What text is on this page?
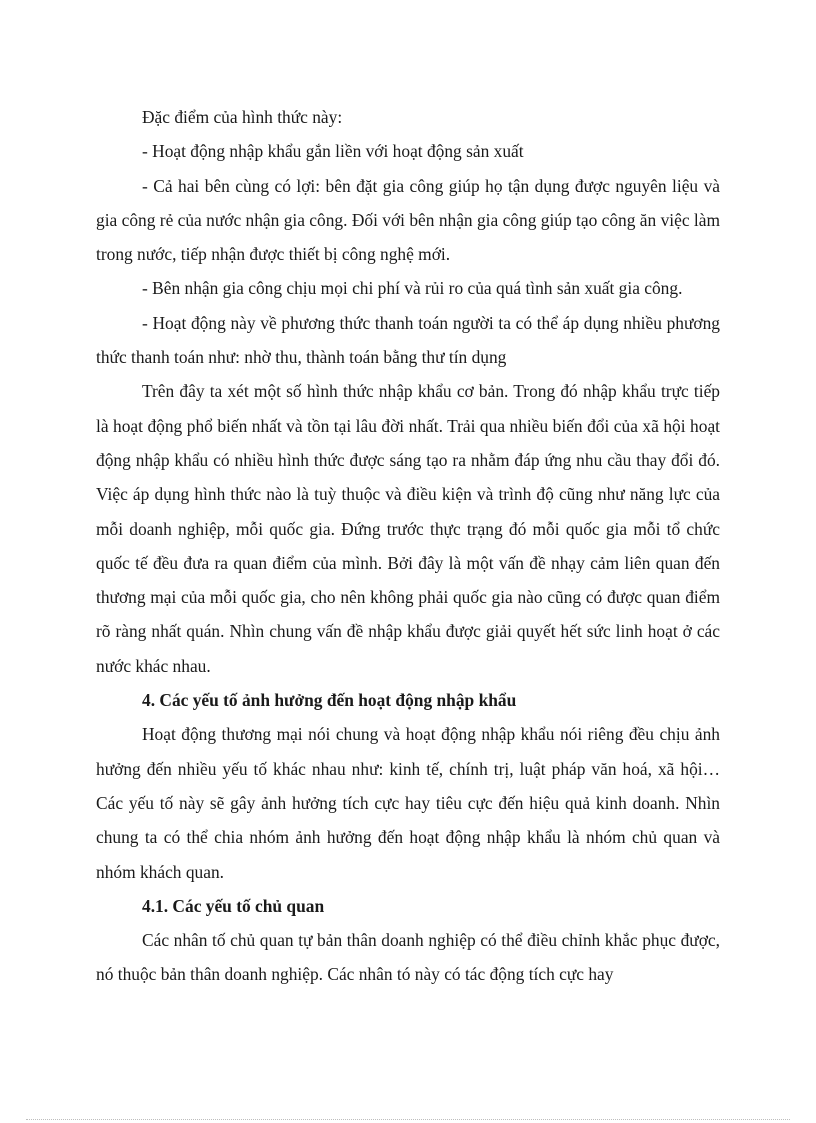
Đặc điểm của hình thức này:

- Hoạt động nhập khẩu gắn liền với hoạt động sản xuất

- Cả hai bên cùng có lợi: bên đặt gia công giúp họ tận dụng được nguyên liệu và gia công rẻ của nước nhận gia công. Đối với bên nhận gia công giúp tạo công ăn việc làm trong nước, tiếp nhận được thiết bị công nghệ mới.

- Bên nhận gia công chịu mọi chi phí và rủi ro của quá tình sản xuất gia công.

- Hoạt động này về phương thức thanh toán người ta có thể áp dụng nhiều phương thức thanh toán như: nhờ thu, thành toán bằng thư tín dụng

Trên đây ta xét một số hình thức nhập khẩu cơ bản. Trong đó nhập khẩu trực tiếp là hoạt động phổ biến nhất và tồn tại lâu đời nhất. Trải qua nhiều biến đổi của xã hội hoạt động nhập khẩu có nhiều hình thức được sáng tạo ra nhằm đáp ứng nhu cầu thay đổi đó. Việc áp dụng hình thức nào là tuỳ thuộc và điều kiện và trình độ cũng như năng lực của mỗi doanh nghiệp, mỗi quốc gia. Đứng trước thực trạng đó mỗi quốc gia mỗi tổ chức quốc tế đều đưa ra quan điểm của mình. Bởi đây là một vấn đề nhạy cảm liên quan đến thương mại của mỗi quốc gia, cho nên không phải quốc gia nào cũng có được quan điểm rõ ràng nhất quán. Nhìn chung vấn đề nhập khẩu được giải quyết hết sức linh hoạt ở các nước khác nhau.

4. Các yếu tố ảnh hưởng đến hoạt động nhập khẩu

Hoạt động thương mại nói chung và hoạt động nhập khẩu nói riêng đều chịu ảnh hưởng đến nhiều yếu tố khác nhau như: kinh tế, chính trị, luật pháp văn hoá, xã hội… Các yếu tố này sẽ gây ảnh hưởng tích cực hay tiêu cực đến hiệu quả kinh doanh. Nhìn chung ta có thể chia nhóm ảnh hưởng đến hoạt động nhập khẩu là nhóm chủ quan và nhóm khách quan.

4.1. Các yếu tố chủ quan

Các nhân tố chủ quan tự bản thân doanh nghiệp có thể điều chỉnh khắc phục được, nó thuộc bản thân doanh nghiệp. Các nhân tó này có tác động tích cực hay
